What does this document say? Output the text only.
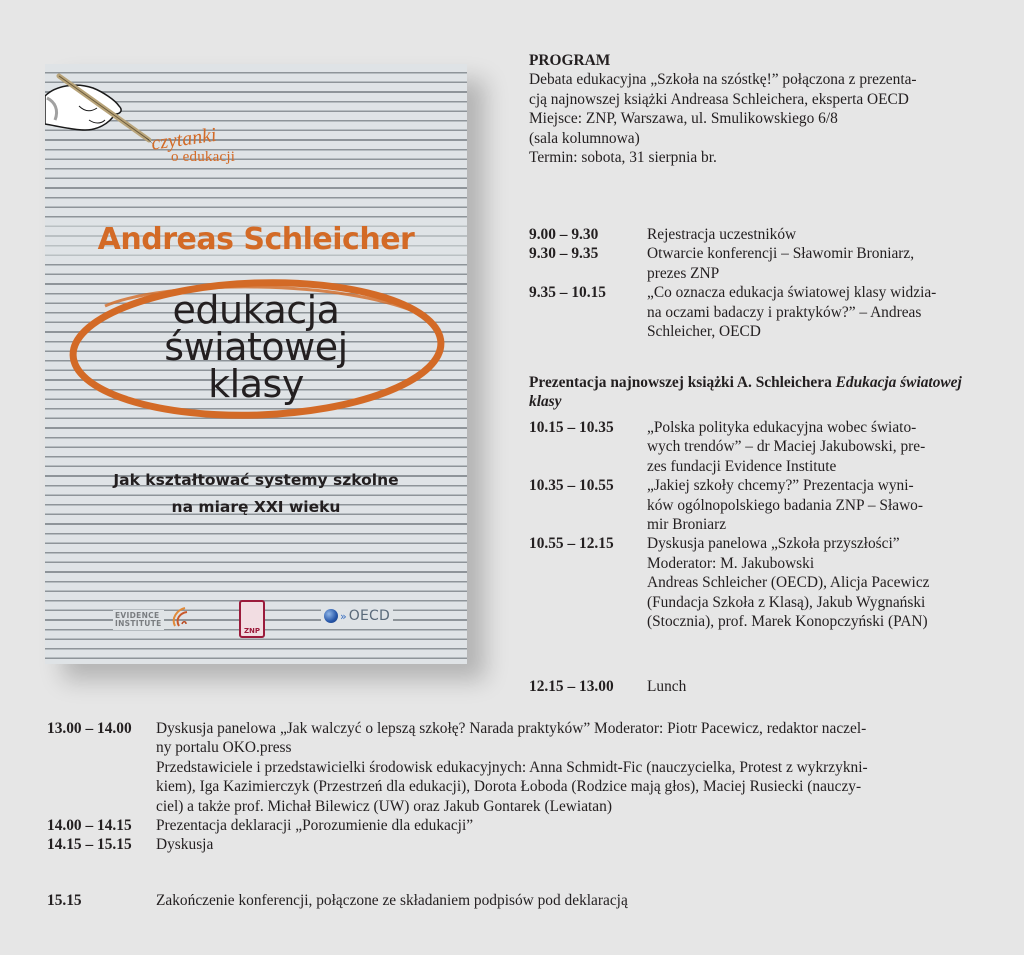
czytanki
o edukacji
Andreas Schleicher
edukacja
światowej
klasy
Jak kształtować systemy szkolne
na miarę XXI wieku
EVIDENCE
INSTITUTE
ZNP
» OECD

PROGRAM

Debata edukacyjna „Szkoła na szóstkę!” połączona z prezenta-

cją najnowszej książki Andreasa Schleichera, eksperta OECD

Miejsce: ZNP, Warszawa, ul. Smulikowskiego 6/8

(sala kolumnowa)

Termin: sobota, 31 sierpnia br.

9.00 – 9.30	Rejestracja uczestników

9.30 – 9.35	Otwarcie konferencji – Sławomir Broniarz,

prezes ZNP

9.35 – 10.15	„Co oznacza edukacja światowej klasy widzia-

na oczami badaczy i praktyków?” – Andreas

Schleicher, OECD

Prezentacja najnowszej książki A. Schleichera Edukacja światowej klasy
10.15 – 10.35	„Polska polityka edukacyjna wobec świato-

wych trendów” – dr Maciej Jakubowski, pre-

zes fundacji Evidence Institute

10.35 – 10.55	„Jakiej szkoły chcemy?” Prezentacja wyni-

ków ogólnopolskiego badania ZNP – Sławo-

mir Broniarz

10.55 – 12.15	Dyskusja panelowa „Szkoła przyszłości”

Moderator: M. Jakubowski

Andreas Schleicher (OECD), Alicja Pacewicz

(Fundacja Szkoła z Klasą), Jakub Wygnański

(Stocznia), prof. Marek Konopczyński (PAN)

12.15 – 13.00	Lunch
13.00 – 14.00	Dyskusja panelowa „Jak walczyć o lepszą szkołę? Narada praktyków” Moderator: Piotr Pacewicz, redaktor naczel-

ny portalu OKO.press

Przedstawiciele i przedstawicielki środowisk edukacyjnych: Anna Schmidt-Fic (nauczycielka, Protest z wykrzykni-

kiem), Iga Kazimierczyk (Przestrzeń dla edukacji), Dorota Łoboda (Rodzice mają głos), Maciej Rusiecki (nauczy-

ciel) a także prof. Michał Bilewicz (UW) oraz Jakub Gontarek (Lewiatan)

14.00 – 14.15	Prezentacja deklaracji „Porozumienie dla edukacji”

14.15 – 15.15	Dyskusja

15.15	Zakończenie konferencji, połączone ze składaniem podpisów pod deklaracją
